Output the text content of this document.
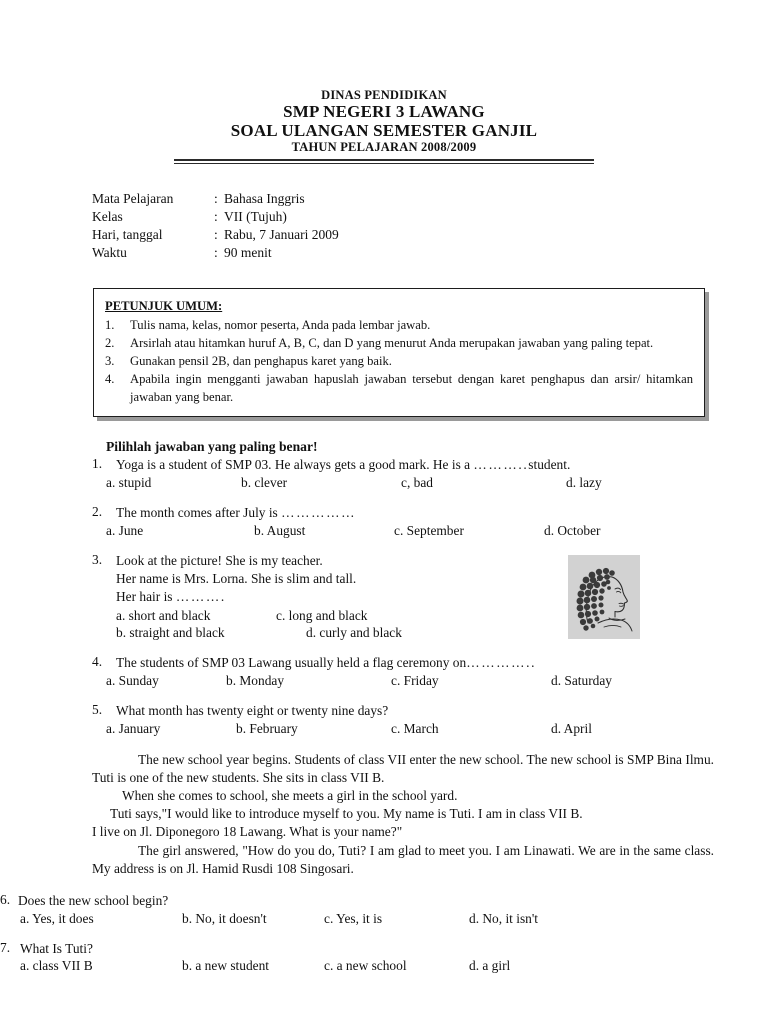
DINAS PENDIDIKAN
SMP NEGERI 3 LAWANG
SOAL ULANGAN SEMESTER GANJIL
TAHUN PELAJARAN 2008/2009
Mata Pelajaran	: Bahasa Inggris
Kelas	: VII (Tujuh)
Hari, tanggal	: Rabu, 7 Januari 2009
Waktu	: 90 menit
PETUNJUK UMUM:
1.	Tulis nama, kelas, nomor peserta, Anda pada lembar jawab.
2.	Arsirlah atau hitamkan huruf A, B, C, dan D yang menurut Anda merupakan jawaban yang paling tepat.
3.	Gunakan pensil 2B, dan penghapus karet yang baik.
4.	Apabila ingin mengganti jawaban hapuslah jawaban tersebut dengan karet penghapus dan arsir/ hitamkan jawaban yang benar.
Pilihlah jawaban yang paling benar!
1.	Yoga is a student of SMP 03. He always gets a good mark. He is a ………..student.
a. stupid	b. clever	c, bad	d. lazy
2.	The month comes after July is ……………
a. June	b. August	c. September	d. October
3.	Look at the picture! She is my teacher.
Her name is Mrs. Lorna. She is slim and tall.
Her hair is ……….
a. short and black	c. long and black
b. straight and black	d. curly and black
4.	The students of SMP 03 Lawang usually held a flag ceremony on…………..
a. Sunday	b. Monday	c. Friday	d. Saturday
5.	What month has twenty eight or twenty nine days?
a. January	b. February	c. March	d. April
The new school year begins. Students of class VII enter the new school. The new school is SMP Bina Ilmu. Tuti is one of the new students. She sits in class VII B.
When she comes to school, she meets a girl in the school yard.
Tuti says,"I would like to introduce myself to you. My name is Tuti. I am in class VII B.
I live on Jl. Diponegoro 18 Lawang. What is your name?"
The girl answered, "How do you do, Tuti? I am glad to meet you. I am Linawati. We are in the same class. My address is on Jl. Hamid Rusdi 108 Singosari.
6. Does the new school begin?
a. Yes, it does	b. No, it doesn't	c. Yes, it is	d. No, it isn't
7. What Is Tuti?
a. class VII B	b. a new student	c. a new school	d. a girl
